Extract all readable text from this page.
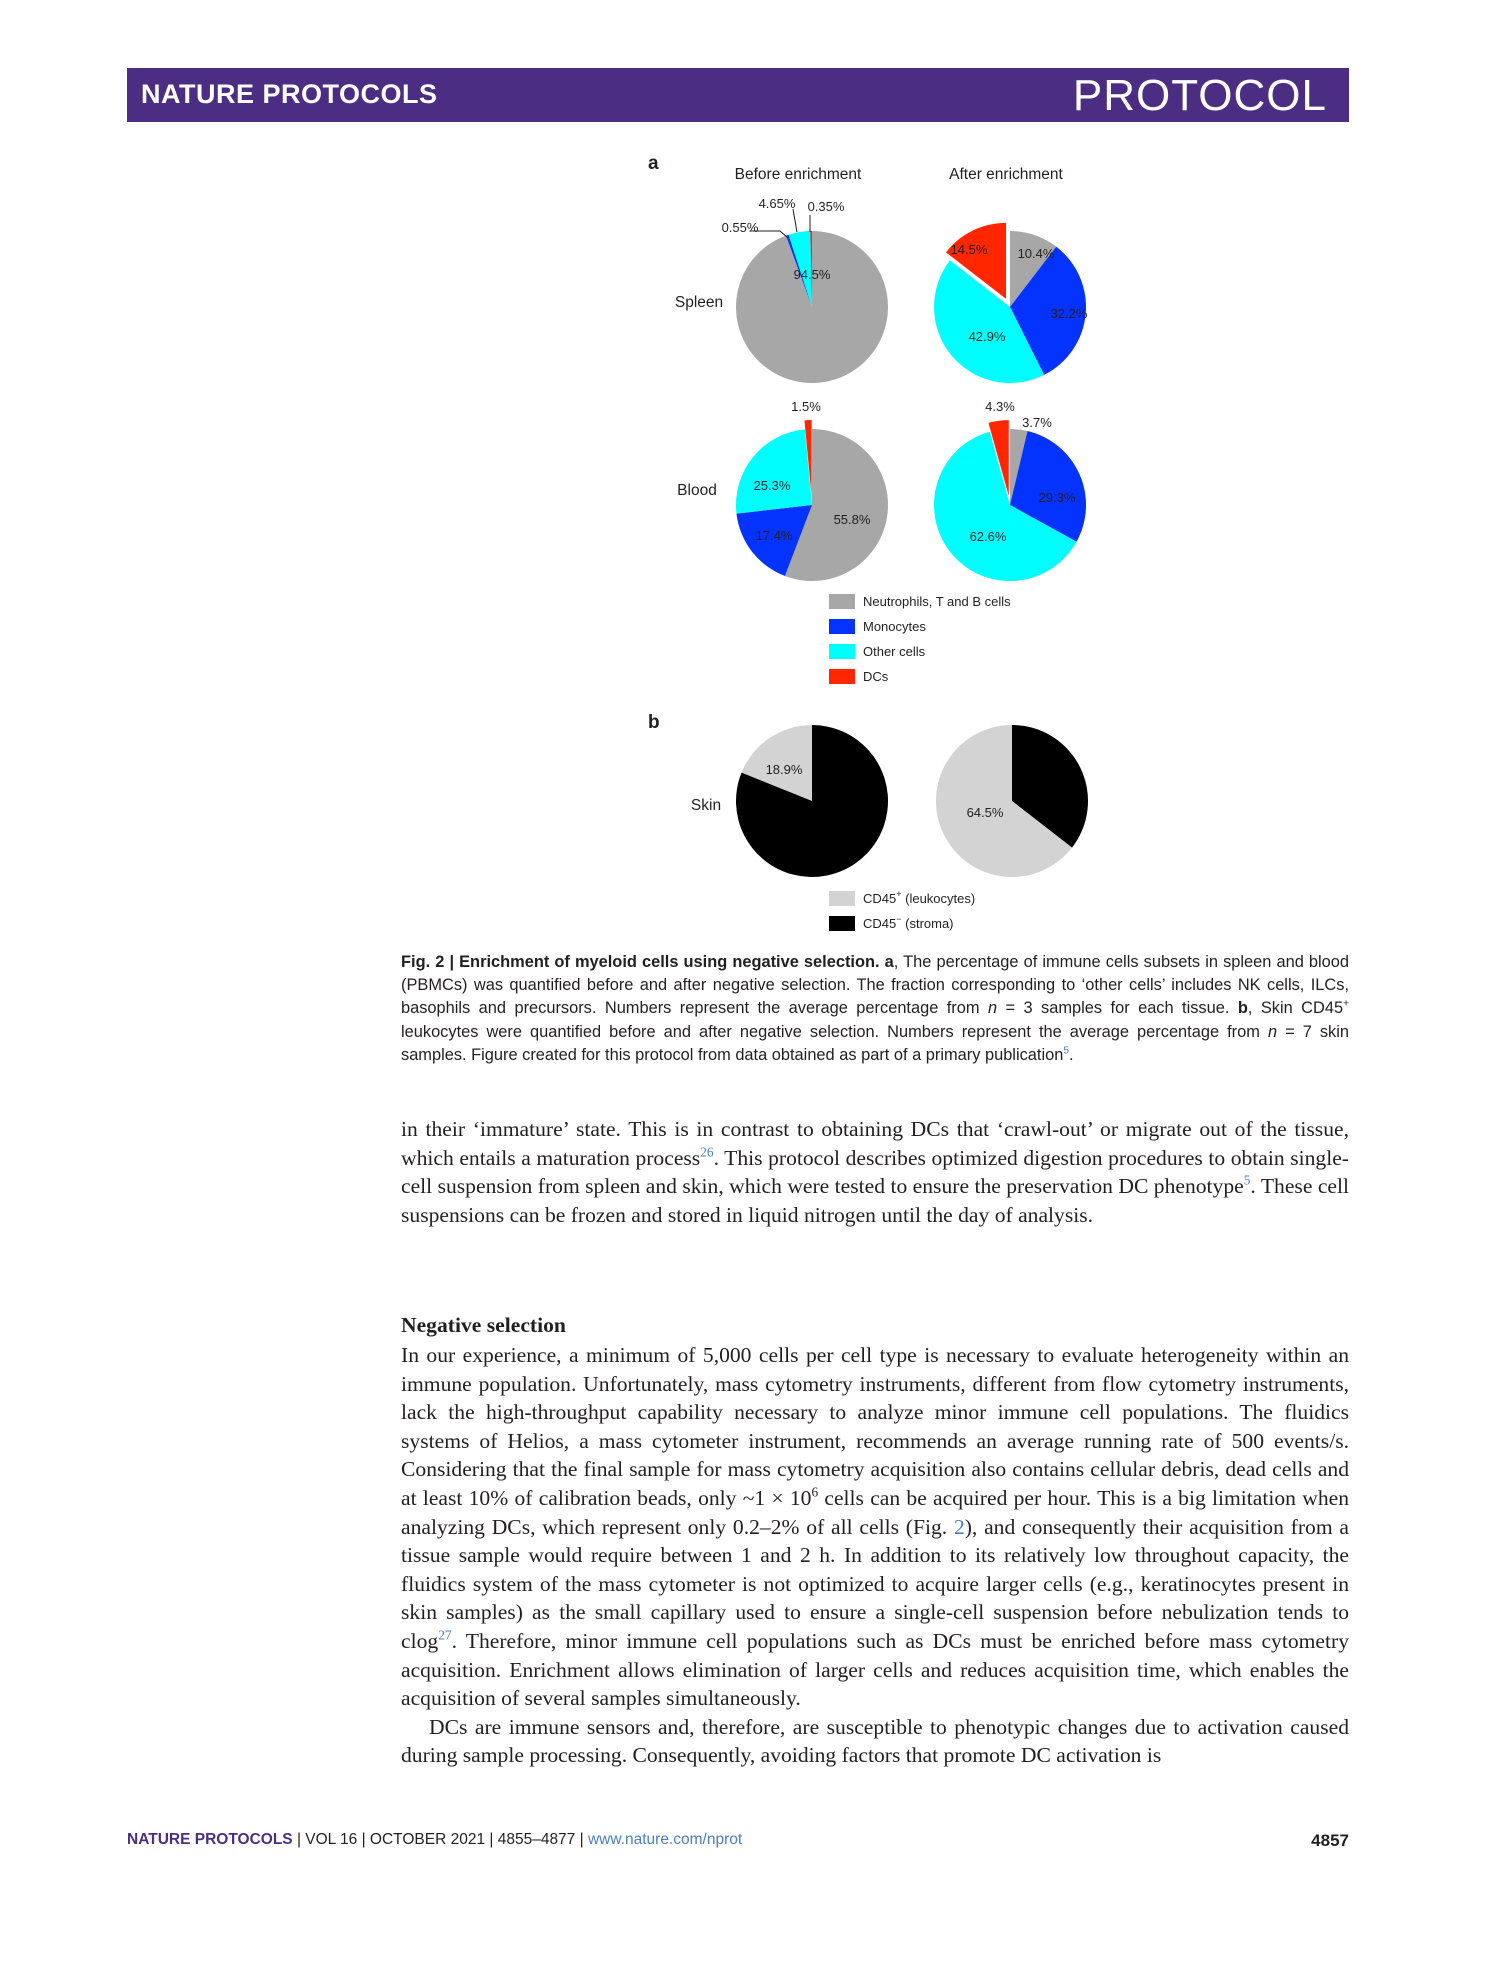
NATURE PROTOCOLS	PROTOCOL
a
Before enrichment	After enrichment
Spleen
Blood
94.5%
0.55%
4.65% 0.35%
10.4%
32.2%
42.9%
14.5%
55.8%
17.4%
25.3%
1.5%
3.7%
29.3%
62.6%
4.3%
Neutrophils, T and B cells
Monocytes
Other cells
DCs
b
Skin
18.9%
64.5%
CD45+ (leukocytes)
CD45− (stroma)
Fig. 2 | Enrichment of myeloid cells using negative selection. a, The percentage of immune cells subsets in spleen and blood (PBMCs) was quantified before and after negative selection. The fraction corresponding to ‘other cells’ includes NK cells, ILCs, basophils and precursors. Numbers represent the average percentage from n = 3 samples for each tissue. b, Skin CD45+ leukocytes were quantified before and after negative selection. Numbers represent the average percentage from n = 7 skin samples. Figure created for this protocol from data obtained as part of a primary publication$^5$.

in their ‘immature’ state. This is in contrast to obtaining DCs that ‘crawl-out’ or migrate out of the tissue, which entails a maturation process$^{26}$. This protocol describes optimized digestion procedures to obtain single-cell suspension from spleen and skin, which were tested to ensure the preservation DC phenotype$^5$. These cell suspensions can be frozen and stored in liquid nitrogen until the day of analysis.

Negative selection

In our experience, a minimum of 5,000 cells per cell type is necessary to evaluate heterogeneity within an immune population. Unfortunately, mass cytometry instruments, different from flow cytometry instruments, lack the high-throughput capability necessary to analyze minor immune cell populations. The fluidics systems of Helios, a mass cytometer instrument, recommends an average running rate of 500 events/s. Considering that the final sample for mass cytometry acquisition also contains cellular debris, dead cells and at least 10% of calibration beads, only ~1 × $10^6$ cells can be acquired per hour. This is a big limitation when analyzing DCs, which represent only 0.2–2% of all cells (Fig. 2), and consequently their acquisition from a tissue sample would require between 1 and 2 h. In addition to its relatively low throughout capacity, the fluidics system of the mass cytometer is not optimized to acquire larger cells (e.g., keratinocytes present in skin samples) as the small capillary used to ensure a single-cell suspension before nebulization tends to clog$^{27}$. Therefore, minor immune cell populations such as DCs must be enriched before mass cytometry acquisition. Enrichment allows elimination of larger cells and reduces acquisition time, which enables the acquisition of several samples simultaneously.

DCs are immune sensors and, therefore, are susceptible to phenotypic changes due to activation caused during sample processing. Consequently, avoiding factors that promote DC activation is

NATURE PROTOCOLS | VOL 16 | OCTOBER 2021 | 4855–4877 | www.nature.com/nprot	4857
